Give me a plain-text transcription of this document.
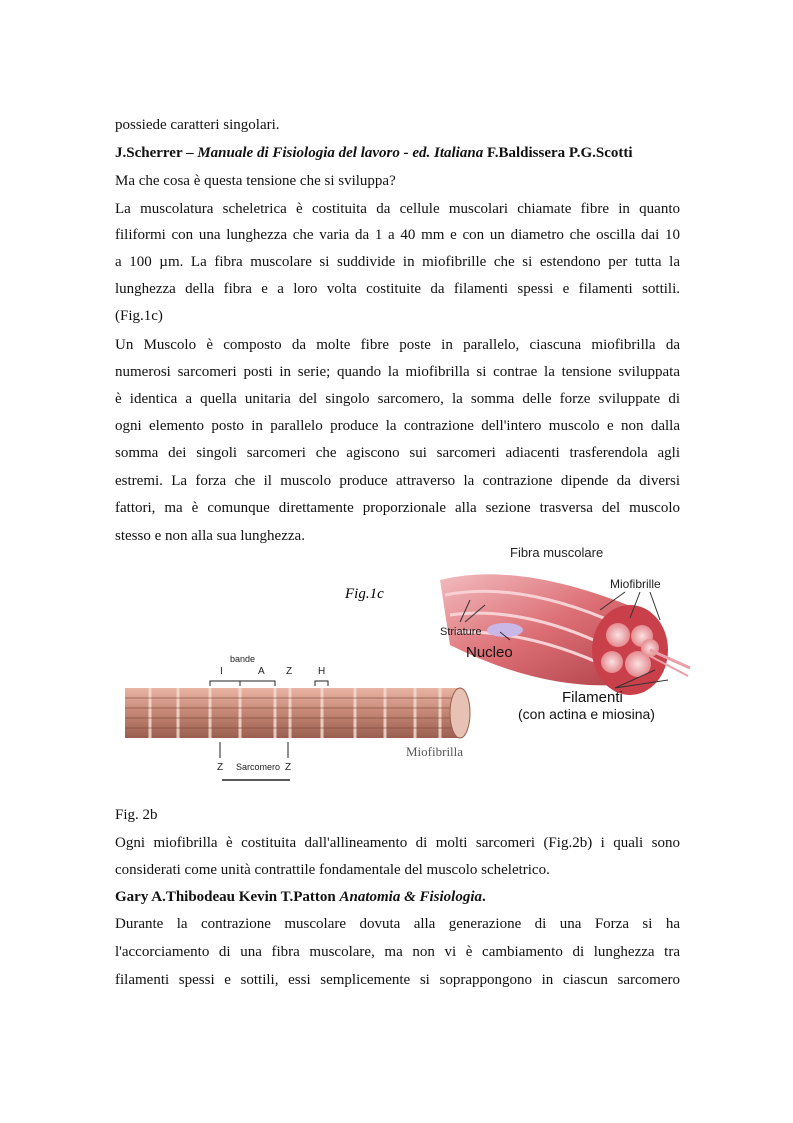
possiede caratteri singolari.
J.Scherrer – Manuale di Fisiologia del lavoro - ed. Italiana F.Baldissera P.G.Scotti
Ma che cosa è questa tensione che si sviluppa?
La muscolatura scheletrica è costituita da cellule muscolari chiamate fibre in quanto
filiformi con una lunghezza che varia da 1 a 40 mm e con un diametro che oscilla dai 10
a 100 µm. La fibra muscolare si suddivide in miofibrille che si estendono per tutta la
lunghezza della fibra e a loro volta costituite da filamenti spessi e filamenti sottili.
(Fig.1c)
Un Muscolo è composto da molte fibre poste in parallelo, ciascuna miofibrilla da
numerosi sarcomeri posti in serie; quando la miofibrilla si contrae la tensione sviluppata
è identica a quella unitaria del singolo sarcomero, la somma delle forze sviluppate di
ogni elemento posto in parallelo produce la contrazione dell'intero muscolo e non dalla
somma dei singoli sarcomeri che agiscono sui sarcomeri adiacenti trasferendola agli
estremi. La forza che il muscolo produce attraverso la contrazione dipende da diversi
fattori, ma è comunque direttamente proporzionale alla sezione trasversa del muscolo
stesso e non alla sua lunghezza.
Fig.1c
Fibra muscolare
Miofibrille
Striature
Nucleo
Filamenti
(con actina e miosina)
bande
I	A Z	H
Z Sarcomero Z
Miofibrilla
Fig. 2b
Ogni miofibrilla è costituita dall'allineamento di molti sarcomeri (Fig.2b) i quali sono
considerati come unità contrattile fondamentale del muscolo scheletrico.
Gary A.Thibodeau Kevin T.Patton Anatomia & Fisiologia.
Durante la contrazione muscolare dovuta alla generazione di una Forza si ha
l'accorciamento di una fibra muscolare, ma non vi è cambiamento di lunghezza tra
filamenti spessi e sottili, essi semplicemente si soprappongono in ciascun sarcomero
